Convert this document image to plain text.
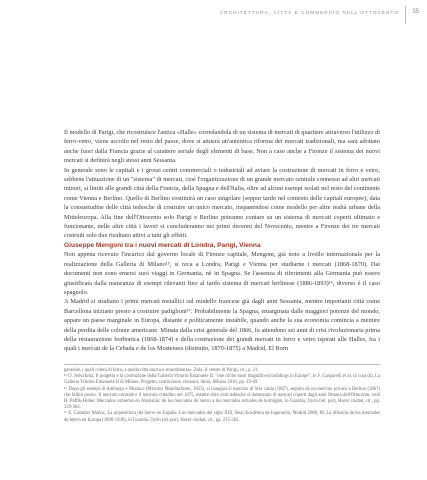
ARCHITETTURA, CITTÀ E COMMERCIO NELL'OTTOCENTO 35

Il modello di Parigi, che ricostruisce l'antica «Halle» corredandola di un sistema di mercati di quartiere attraverso l'utilizzo di ferro-vetro, viene accolto nel resto del paese, dove si attuerà un'autentica riforma dei mercati tradizionali, ma sarà adottato anche fuori dalla Francia grazie al carattere seriale degli elementi di base. Non a caso anche a Firenze il sistema dei nuovi mercati si definirà negli stessi anni Sessanta.

In generale sono le capitali e i grossi centri commerciali o industriali ad aviare la costruzione di mercati in ferro e vetro, sebbene l'attuazione di un "sistema" di mercati, cioè l'organizzazione di un grande mercato centrale connesso ad altri mercati minori, si limiti alle grandi città della Francia, della Spagna e dell'Italia, oltre ad alcuni esempi isolati nel resto del continente come Vienna e Berlino. Quello di Berlino costituirà un caso singolare (seppur tardo nel contesto delle capitali europee), data la consuetudine delle città tedesche di costruire un unico mercato, inspanendosi come modello per altre realtà urbane della Mitteleuropa. Alla fine dell'Ottocento solo Parigi e Berlino potranno contare su un sistema di mercati coperti ultimato e funzionante, nelle altre città i lavori si concluderanno nei primi decenni del Novecento, mentre a Firenze dei tre mercati costruiti solo due risultano attivi a tutti gli effetti.

Giuseppe Mengoni tra i nuovi mercati di Londra, Parigi, Vienna

Non appena ricevuto l'incarico dal governo locale di Firenze capitale, Mengoni, già noto a livello internazionale per la realizzazione della Galleria di Milano¹⁵, si reca a Londra, Parigi e Vienna per studiarne i mercati (1868-1870). Dai documenti non sono emersi suoi viaggi in Germania, né in Spagna. Se l'assenza di riferimenti alla Germania può essere giustificata dalla mancanza di esempi rilevanti fino al tardo sistema di mercati berlinese (1886-1893)¹⁶, diverso è il caso spagnolo.

A Madrid si studiano i primi mercati metallici sul modello francese già dagli anni Sessanta, mentre importanti città come Barcellona iniziano presto a costruire padiglioni¹⁷. Probabilmente la Spagna, emarginata dalle maggiori potenze del mondo, appare un paese marginale in Europa, distante e politicamente instabile, quando anche la sua economia comincia a mentire della perdita delle colonie americane. Minata dalla crisi generale del 1866, fu attendono sei anni di crisi rivoluzionaria prima della restaurazione borbonica (1868-1874) e della costruzione dei grandi mercati in ferro e vetro ispirati alle Halles, fra i quali i mercati de la Cebada e de los Mostenses (distrutto, 1870-1875) a Madrid, El Born

generale, i quali coloni di ferro, a quella città nuova e straordinaria». Zola, Il ventre di Parigi, cit., p. 21.

¹⁵ O. Selvafolta, Il progetto e la costruzione della Galleria Vittorio Emanuele II: "one of the most magnificent buildings in Europe", in F. Gasparelli et al. (a cura di), La Galleria Vittorio Emanuele II di Milano. Progetto, costruzione, restauro, Skira, Milano 2016, pp. 19-49.

¹⁶ Dopo gli esempi di Amburgo e Monaco (Mercato Mondnufnsen, 1853), si inaugura il mercato di Stra carda (1867), seguito da un mercato privato a Berlino (1867) che fallirà presto. Il mercato centrale e il mercato cittadino nel 1875, mentre altre città tedesche si dotteranno di mercati coperti dagli anni Ottanta dell'Ottocento, vedi H. Paffik-Huber, Mercados cubiertos en Alemania: de los mercados de hierro a los mercados actuales de hormigón, in Guardia, Oyón (ed. por), Hacer ciudad, cit., pp. 329-364.

¹⁷ E. Castañer Muñoz, La arquitectura del hierro en España. Los mercados del siglo XIX, Real Academia de Ingeniería, Madrid 2006; M. La difusión de los mercados de hierro en Europa (1800-1936), in Guardia, Oyón (ed. por), Hacer ciudad, cit., pp. 215-262.
